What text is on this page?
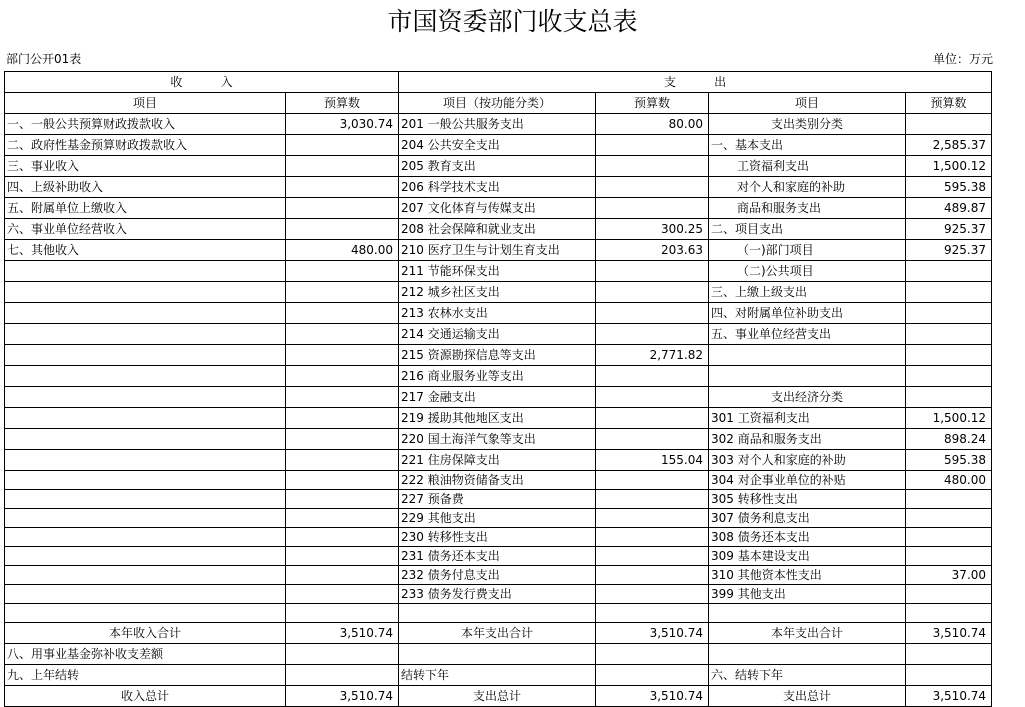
市国资委部门收支总表
部门公开01表	单位：万元
收          入		支          出			
项目	预算数	项目（按功能分类）	预算数	项目	预算数
一、一般公共预算财政拨款收入	3,030.74	201 一般公共服务支出	80.00	支出类别分类	
二、政府性基金预算财政拨款收入		204 公共安全支出		一、基本支出	2,585.37
三、事业收入		205 教育支出		工资福利支出	1,500.12
四、上级补助收入		206 科学技术支出		对个人和家庭的补助	595.38
五、附属单位上缴收入		207 文化体育与传媒支出		商品和服务支出	489.87
六、事业单位经营收入		208 社会保障和就业支出	300.25	二、项目支出	925.37
七、其他收入	480.00	210 医疗卫生与计划生育支出	203.63	（一)部门项目	925.37
		211 节能环保支出		（二)公共项目	
		212 城乡社区支出		三、上缴上级支出	
		213 农林水支出		四、对附属单位补助支出	
		214 交通运输支出		五、事业单位经营支出	
		215 资源勘探信息等支出	2,771.82		
		216 商业服务业等支出			
		217 金融支出		支出经济分类	
		219 援助其他地区支出		301 工资福利支出	1,500.12
		220 国土海洋气象等支出		302 商品和服务支出	898.24
		221 住房保障支出	155.04	303 对个人和家庭的补助	595.38
		222 粮油物资储备支出		304 对企事业单位的补贴	480.00
		227 预备费		305 转移性支出	
		229 其他支出		307 债务利息支出	
		230 转移性支出		308 债务还本支出	
		231 债务还本支出		309 基本建设支出	
		232 债务付息支出		310 其他资本性支出	37.00
		233 债务发行费支出		399 其他支出	

本年收入合计	3,510.74	本年支出合计	3,510.74	本年支出合计	3,510.74
八、用事业基金弥补收支差额					
九、上年结转		结转下年		六、结转下年	
收入总计	3,510.74	支出总计	3,510.74	支出总计	3,510.74
